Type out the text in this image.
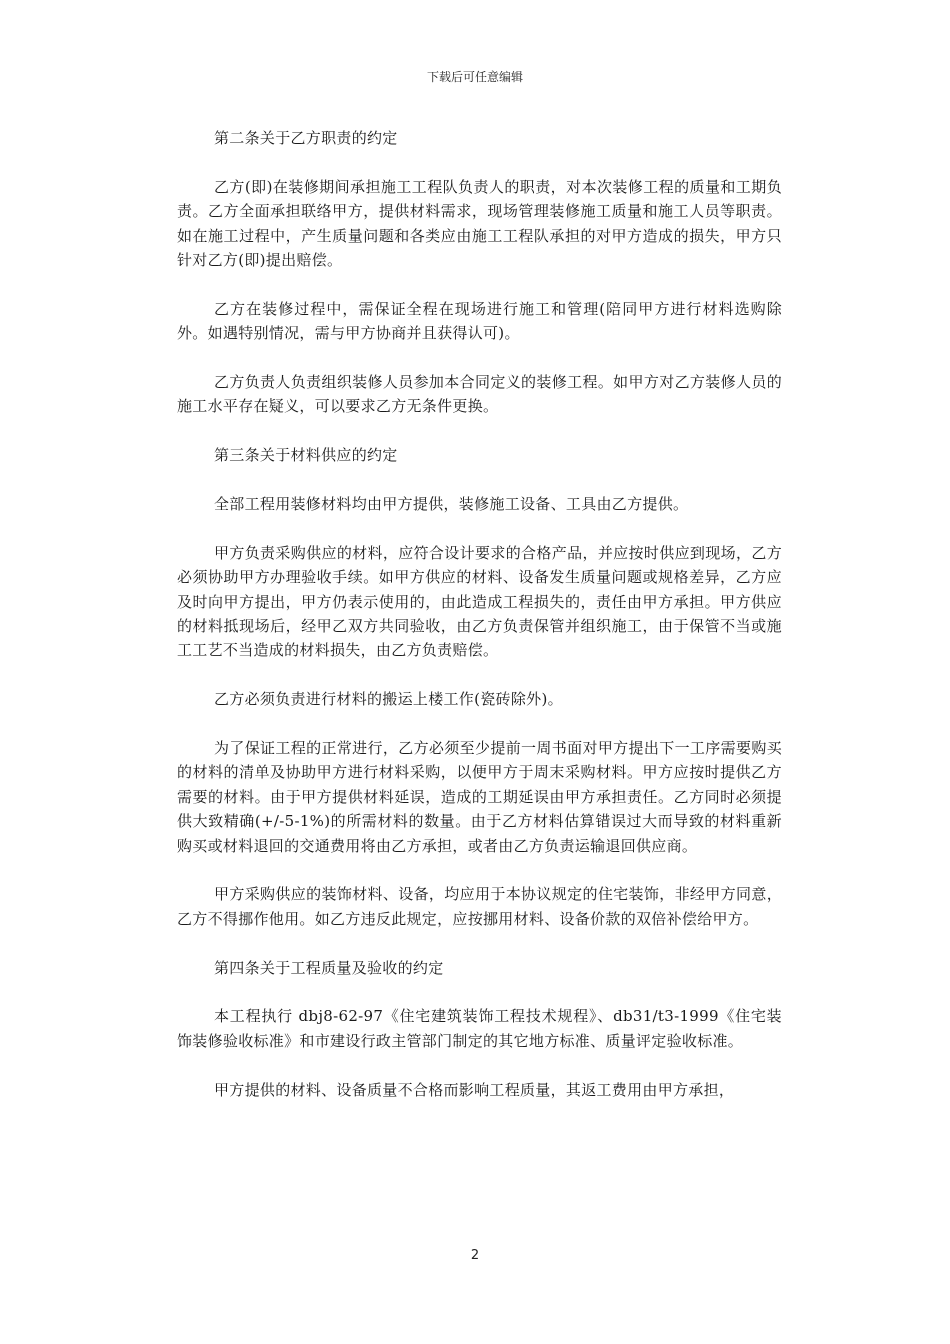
下载后可任意编辑

第二条关于乙方职责的约定

乙方(即)在装修期间承担施工工程队负责人的职责，对本次装修工程的质量和工期负责。乙方全面承担联络甲方，提供材料需求，现场管理装修施工质量和施工人员等职责。如在施工过程中，产生质量问题和各类应由施工工程队承担的对甲方造成的损失，甲方只针对乙方(即)提出赔偿。

乙方在装修过程中，需保证全程在现场进行施工和管理(陪同甲方进行材料选购除外。如遇特别情况，需与甲方协商并且获得认可)。

乙方负责人负责组织装修人员参加本合同定义的装修工程。如甲方对乙方装修人员的施工水平存在疑义，可以要求乙方无条件更换。

第三条关于材料供应的约定

全部工程用装修材料均由甲方提供，装修施工设备、工具由乙方提供。

甲方负责采购供应的材料，应符合设计要求的合格产品，并应按时供应到现场，乙方必须协助甲方办理验收手续。如甲方供应的材料、设备发生质量问题或规格差异，乙方应及时向甲方提出，甲方仍表示使用的，由此造成工程损失的，责任由甲方承担。甲方供应的材料抵现场后，经甲乙双方共同验收，由乙方负责保管并组织施工，由于保管不当或施工工艺不当造成的材料损失，由乙方负责赔偿。

乙方必须负责进行材料的搬运上楼工作(瓷砖除外)。

为了保证工程的正常进行，乙方必须至少提前一周书面对甲方提出下一工序需要购买的材料的清单及协助甲方进行材料采购，以便甲方于周末采购材料。甲方应按时提供乙方需要的材料。由于甲方提供材料延误，造成的工期延误由甲方承担责任。乙方同时必须提供大致精确(+/-5-1%)的所需材料的数量。由于乙方材料估算错误过大而导致的材料重新购买或材料退回的交通费用将由乙方承担，或者由乙方负责运输退回供应商。

甲方采购供应的装饰材料、设备，均应用于本协议规定的住宅装饰，非经甲方同意，乙方不得挪作他用。如乙方违反此规定，应按挪用材料、设备价款的双倍补偿给甲方。

第四条关于工程质量及验收的约定

本工程执行 dbj8-62-97《住宅建筑装饰工程技术规程》、db31/t3-1999《住宅装饰装修验收标准》和市建设行政主管部门制定的其它地方标准、质量评定验收标准。

甲方提供的材料、设备质量不合格而影响工程质量，其返工费用由甲方承担，

2
